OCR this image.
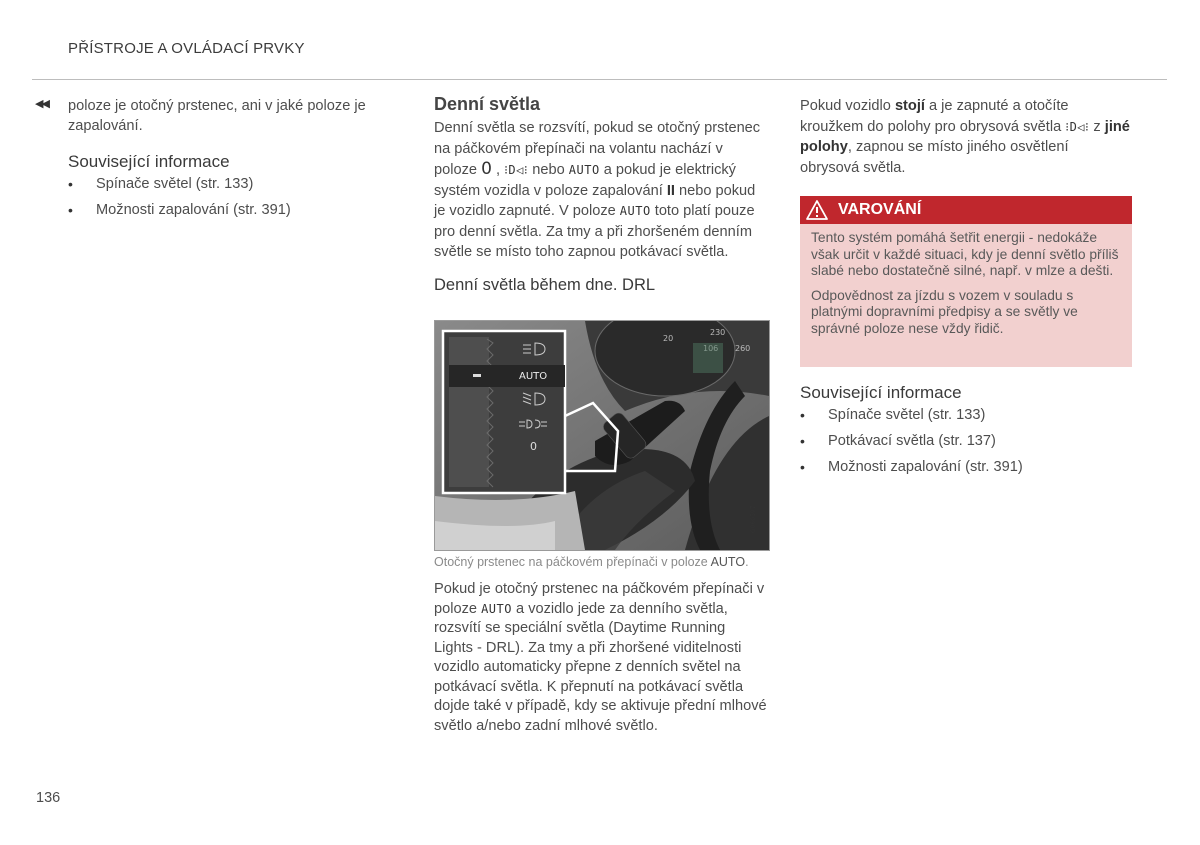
PŘÍSTROJE A OVLÁDACÍ PRVKY
◀◀ poloze je otočný prstenec, ani v jaké poloze je zapalování.

Související informace
• Spínače světel (str. 133)
• Možnosti zapalování (str. 391)
Denní světla

Denní světla se rozsvítí, pokud se otočný prstenec na páčkovém přepínači na volantu nachází v poloze 0 , ⁝D◁⁝ nebo AUTO a pokud je elektrický systém vozidla v poloze zapalování II nebo pokud je vozidlo zapnuté. V poloze AUTO toto platí pouze pro denní světla. Za tmy a při zhoršeném denním světle se místo toho zapnou potkávací světla.

Denní světla během dne. DRL
20
230
260
AUTO
0
G060597
Otočný prstenec na páčkovém přepínači v poloze AUTO.

Pokud je otočný prstenec na páčkovém přepínači v poloze AUTO a vozidlo jede za denního světla, rozsvítí se speciální světla (Daytime Running Lights - DRL). Za tmy a při zhoršené viditelnosti vozidlo automaticky přepne z denních světel na potkávací světla. K přepnutí na potkávací světla dojde také v případě, kdy se aktivuje přední mlhové světlo a/nebo zadní mlhové světlo.

Pokud vozidlo stojí a je zapnuté a otočíte kroužkem do polohy pro obrysová světla ⁝D◁⁝ z jiné polohy, zapnou se místo jiného osvětlení obrysová světla.

VAROVÁNÍ

Tento systém pomáhá šetřit energii - nedokáže však určit v každé situaci, kdy je denní světlo příliš slabé nebo dostatečně silné, např. v mlze a dešti.

Odpovědnost za jízdu s vozem v souladu s platnými dopravními předpisy a se světly ve správné poloze nese vždy řidič.

Související informace
• Spínače světel (str. 133)
• Potkávací světla (str. 137)
• Možnosti zapalování (str. 391)
136
